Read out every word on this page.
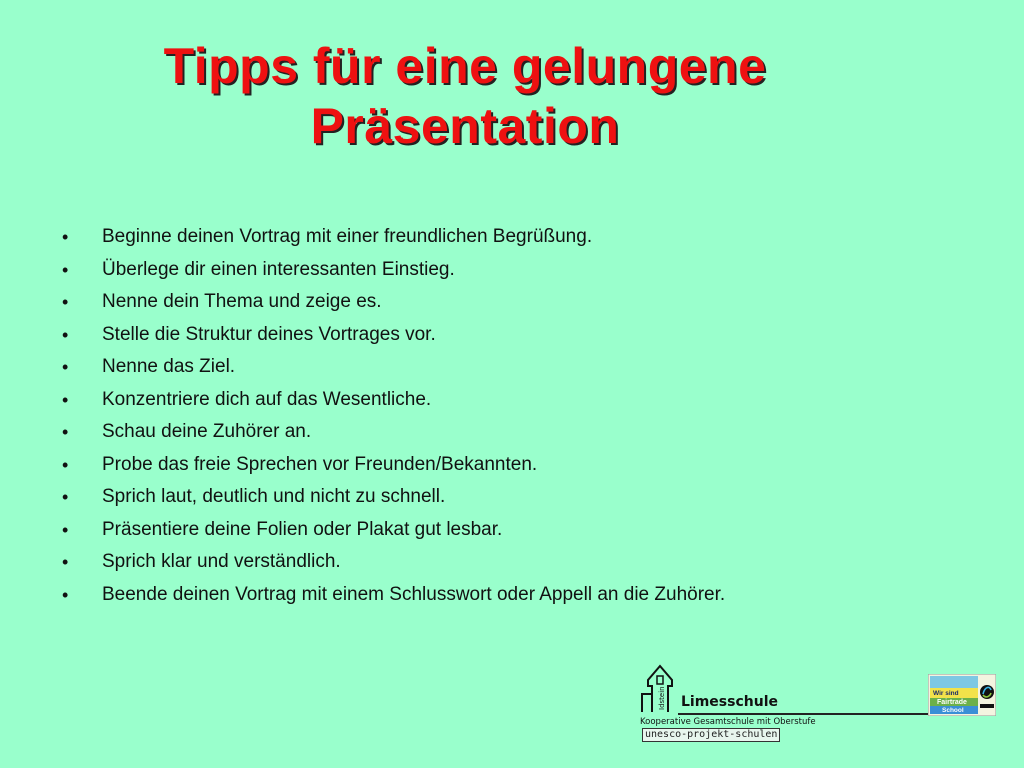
Tipps für eine gelungene
Präsentation
• Beginne deinen Vortrag mit einer freundlichen Begrüßung.
• Überlege dir einen interessanten Einstieg.
• Nenne dein Thema und zeige es.
• Stelle die Struktur deines Vortrages vor.
• Nenne das Ziel.
• Konzentriere dich auf das Wesentliche.
• Schau deine Zuhörer an.
• Probe das freie Sprechen vor Freunden/Bekannten.
• Sprich laut, deutlich und nicht zu schnell.
• Präsentiere deine Folien oder Plakat gut lesbar.
• Sprich klar und verständlich.
• Beende deinen Vortrag mit einem Schlusswort oder Appell an die Zuhörer.
Idstein Limesschule
Kooperative Gesamtschule mit Oberstufe
unesco-projekt-schulen
Wir sind
Fairtrade
School
